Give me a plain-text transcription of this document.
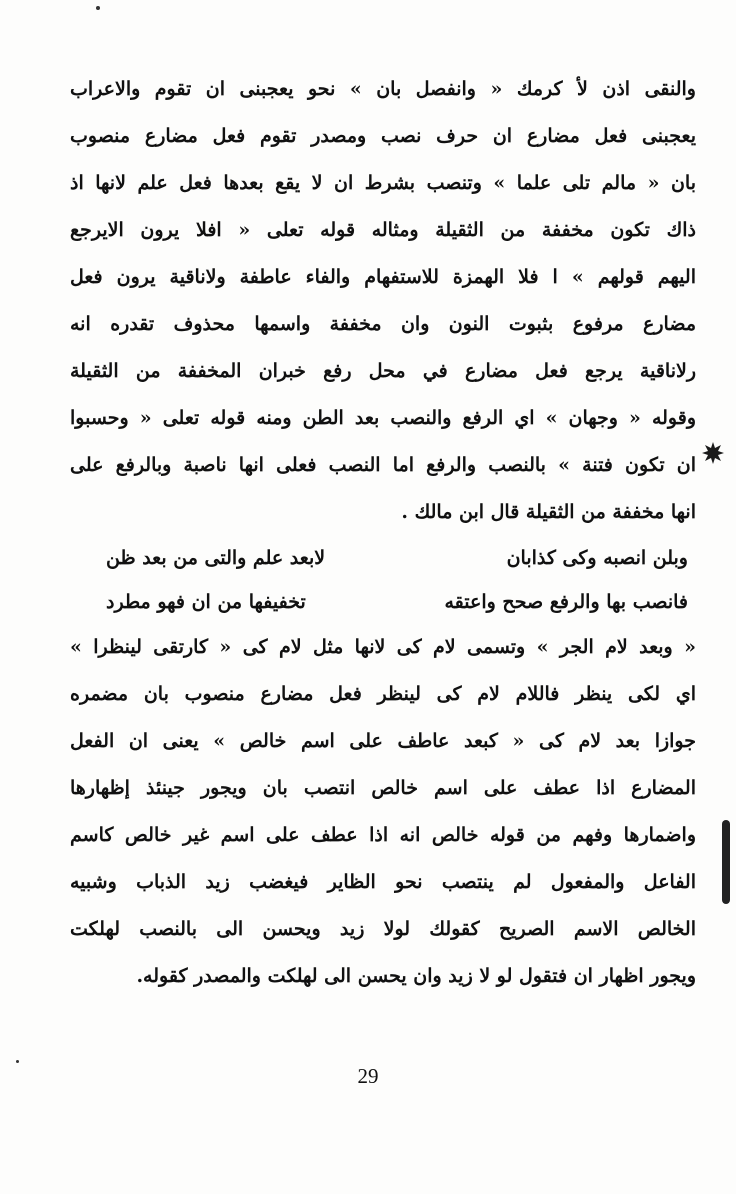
والنقى اذن لأ كرمك « وانفصل بان » نحو يعجبنى ان تقوم والاعراب
يعجبنى فعل مضارع ان حرف نصب ومصدر تقوم فعل مضارع منصوب
بان « مالم تلى علما » وتنصب بشرط ان لا يقع بعدها فعل علم لانها اذ
ذاك تكون مخففة من الثقيلة ومثاله قوله تعلى « افلا يرون الايرجع
اليهم قولهم » ا فلا الهمزة للاستفهام والفاء عاطفة ولاناقية يرون فعل
مضارع مرفوع بثبوت النون وان مخففة واسمها محذوف تقدره انه
رلاناقية يرجع فعل مضارع في محل رفع خبران المخففة من الثقيلة
وقوله « وجهان » اي الرفع والنصب بعد الطن ومنه قوله تعلى « وحسبوا
ان تكون فتنة » بالنصب والرفع اما النصب فعلى انها ناصبة وبالرفع على
انها مخففة من الثقيلة قال ابن مالك .
وبلن انصبه وكى كذابان
لابعد علم والتى من بعد ظن
فانصب بها والرفع صحح واعتقه
تخفيفها من ان فهو مطرد
« وبعد لام الجر » وتسمى لام كى لانها مثل لام كى « كارتقى لينظرا »
اي لكى ينظر فاللام لام كى لينظر فعل مضارع منصوب بان مضمره
جوازا بعد لام كى « كبعد عاطف على اسم خالص » يعنى ان الفعل
المضارع اذا عطف على اسم خالص انتصب بان ويجور جينئذ إظهارها
واضمارها وفهم من قوله خالص انه اذا عطف على اسم غير خالص كاسم
الفاعل والمفعول لم ينتصب نحو الظاير فيغضب زيد الذباب وشبيه
الخالص الاسم الصريح كقولك لولا زيد ويحسن الى بالنصب لهلكت
ويجور اظهار ان فتقول لو لا زيد وان يحسن الى لهلكت والمصدر كقوله.
29
